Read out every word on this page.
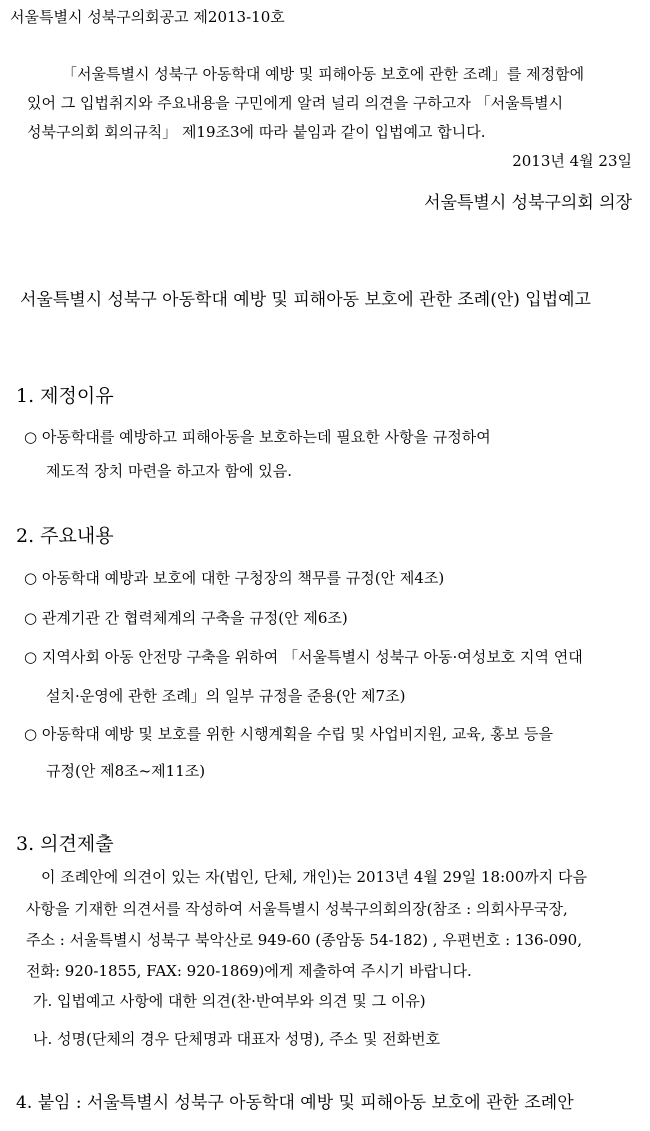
서울특별시 성북구의회공고 제2013-10호
「서울특별시 성북구 아동학대 예방 및 피해아동 보호에 관한 조례」를 제정함에
있어 그 입법취지와 주요내용을 구민에게 알려 널리 의견을 구하고자 「서울특별시
성북구의회 회의규칙」 제19조3에 따라 붙임과 같이 입법예고 합니다.
2013년 4월 23일
서울특별시 성북구의회 의장
서울특별시 성북구 아동학대 예방 및 피해아동 보호에 관한 조례(안) 입법예고
1. 제정이유
○ 아동학대를 예방하고 피해아동을 보호하는데 필요한 사항을 규정하여
제도적 장치 마련을 하고자 함에 있음.
2. 주요내용
○ 아동학대 예방과 보호에 대한 구청장의 책무를 규정(안 제4조)
○ 관계기관 간 협력체계의 구축을 규정(안 제6조)
○ 지역사회 아동 안전망 구축을 위하여 「서울특별시 성북구 아동·여성보호 지역 연대
설치·운영에 관한 조례」의 일부 규정을 준용(안 제7조)
○ 아동학대 예방 및 보호를 위한 시행계획을 수립 및 사업비지원, 교육, 홍보 등을
규정(안 제8조~제11조)
3. 의견제출
이 조례안에 의견이 있는 자(법인, 단체, 개인)는 2013년 4월 29일 18:00까지 다음
사항을 기재한 의견서를 작성하여 서울특별시 성북구의회의장(참조 : 의회사무국장,
주소 : 서울특별시 성북구 북악산로 949-60 (종암동 54-182) , 우편번호 : 136-090,
전화: 920-1855, FAX: 920-1869)에게 제출하여 주시기 바랍니다.
가. 입법예고 사항에 대한 의견(찬·반여부와 의견 및 그 이유)
나. 성명(단체의 경우 단체명과 대표자 성명), 주소 및 전화번호
4. 붙임 : 서울특별시 성북구 아동학대 예방 및 피해아동 보호에 관한 조례안
